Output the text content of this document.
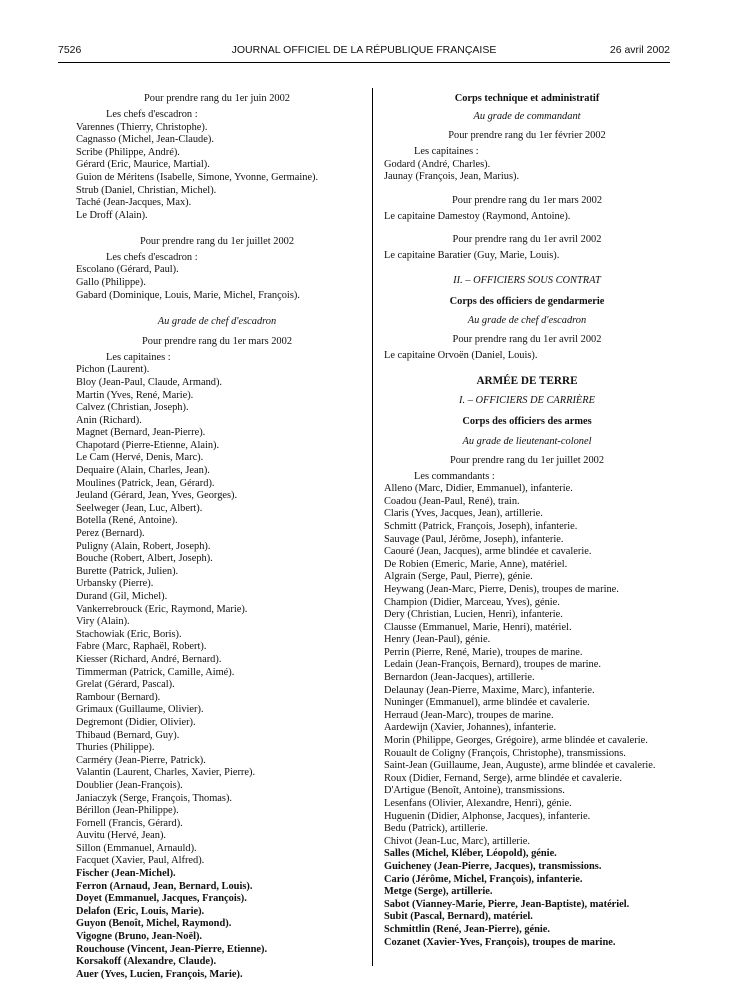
7526	JOURNAL OFFICIEL DE LA RÉPUBLIQUE FRANÇAISE	26 avril 2002
Pour prendre rang du 1er juin 2002
Les chefs d'escadron :
Varennes (Thierry, Christophe).
Cagnasso (Michel, Jean-Claude).
Scribe (Philippe, André).
Gérard (Eric, Maurice, Martial).
Guion de Méritens (Isabelle, Simone, Yvonne, Germaine).
Strub (Daniel, Christian, Michel).
Taché (Jean-Jacques, Max).
Le Droff (Alain).
Pour prendre rang du 1er juillet 2002
Les chefs d'escadron :
Escolano (Gérard, Paul).
Gallo (Philippe).
Gabard (Dominique, Louis, Marie, Michel, François).
Au grade de chef d'escadron
Pour prendre rang du 1er mars 2002
Les capitaines :
Pichon (Laurent).
Bloy (Jean-Paul, Claude, Armand).
Martin (Yves, René, Marie).
Calvez (Christian, Joseph).
Anin (Richard).
Magnet (Bernard, Jean-Pierre).
Chapotard (Pierre-Etienne, Alain).
Le Cam (Hervé, Denis, Marc).
Dequaire (Alain, Charles, Jean).
Moulines (Patrick, Jean, Gérard).
Jeuland (Gérard, Jean, Yves, Georges).
Seelweger (Jean, Luc, Albert).
Botella (René, Antoine).
Perez (Bernard).
Puligny (Alain, Robert, Joseph).
Bouche (Robert, Albert, Joseph).
Burette (Patrick, Julien).
Urbansky (Pierre).
Durand (Gil, Michel).
Vankerrebrouck (Eric, Raymond, Marie).
Viry (Alain).
Stachowiak (Eric, Boris).
Fabre (Marc, Raphaël, Robert).
Kiesser (Richard, André, Bernard).
Timmerman (Patrick, Camille, Aimé).
Grelat (Gérard, Pascal).
Rambour (Bernard).
Grimaux (Guillaume, Olivier).
Degremont (Didier, Olivier).
Thibaud (Bernard, Guy).
Thuries (Philippe).
Carméry (Jean-Pierre, Patrick).
Valantin (Laurent, Charles, Xavier, Pierre).
Doublier (Jean-François).
Janiaczyk (Serge, François, Thomas).
Bérillon (Jean-Philippe).
Fornell (Francis, Gérard).
Auvitu (Hervé, Jean).
Sillon (Emmanuel, Arnauld).
Facquet (Xavier, Paul, Alfred).
Fischer (Jean-Michel).
Ferron (Arnaud, Jean, Bernard, Louis).
Doyet (Emmanuel, Jacques, François).
Delafon (Eric, Louis, Marie).
Guyon (Benoît, Michel, Raymond).
Vigogne (Bruno, Jean-Noël).
Rouchouse (Vincent, Jean-Pierre, Etienne).
Korsakoff (Alexandre, Claude).
Auer (Yves, Lucien, François, Marie).
Corps technique et administratif
Au grade de commandant
Pour prendre rang du 1er février 2002
Les capitaines :
Godard (André, Charles).
Jaunay (François, Jean, Marius).
Pour prendre rang du 1er mars 2002
Le capitaine Damestoy (Raymond, Antoine).
Pour prendre rang du 1er avril 2002
Le capitaine Baratier (Guy, Marie, Louis).
II. – OFFICIERS SOUS CONTRAT
Corps des officiers de gendarmerie
Au grade de chef d'escadron
Pour prendre rang du 1er avril 2002
Le capitaine Orvoën (Daniel, Louis).
ARMÉE DE TERRE
I. – OFFICIERS DE CARRIÈRE
Corps des officiers des armes
Au grade de lieutenant-colonel
Pour prendre rang du 1er juillet 2002
Les commandants :
Alleno (Marc, Didier, Emmanuel), infanterie.
Coadou (Jean-Paul, René), train.
Claris (Yves, Jacques, Jean), artillerie.
Schmitt (Patrick, François, Joseph), infanterie.
Sauvage (Paul, Jérôme, Joseph), infanterie.
Caouré (Jean, Jacques), arme blindée et cavalerie.
De Robien (Emeric, Marie, Anne), matériel.
Algrain (Serge, Paul, Pierre), génie.
Heywang (Jean-Marc, Pierre, Denis), troupes de marine.
Champion (Didier, Marceau, Yves), génie.
Dery (Christian, Lucien, Henri), infanterie.
Clausse (Emmanuel, Marie, Henri), matériel.
Henry (Jean-Paul), génie.
Perrin (Pierre, René, Marie), troupes de marine.
Ledain (Jean-François, Bernard), troupes de marine.
Bernardon (Jean-Jacques), artillerie.
Delaunay (Jean-Pierre, Maxime, Marc), infanterie.
Nuninger (Emmanuel), arme blindée et cavalerie.
Herraud (Jean-Marc), troupes de marine.
Aardewijn (Xavier, Johannes), infanterie.
Morin (Philippe, Georges, Grégoire), arme blindée et cavalerie.
Rouault de Coligny (François, Christophe), transmissions.
Saint-Jean (Guillaume, Jean, Auguste), arme blindée et cavalerie.
Roux (Didier, Fernand, Serge), arme blindée et cavalerie.
D'Artigue (Benoît, Antoine), transmissions.
Lesenfans (Olivier, Alexandre, Henri), génie.
Huguenin (Didier, Alphonse, Jacques), infanterie.
Bedu (Patrick), artillerie.
Chivot (Jean-Luc, Marc), artillerie.
Salles (Michel, Kléber, Léopold), génie.
Guicheney (Jean-Pierre, Jacques), transmissions.
Cario (Jérôme, Michel, François), infanterie.
Metge (Serge), artillerie.
Sabot (Vianney-Marie, Pierre, Jean-Baptiste), matériel.
Subit (Pascal, Bernard), matériel.
Schmittlin (René, Jean-Pierre), génie.
Cozanet (Xavier-Yves, François), troupes de marine.
